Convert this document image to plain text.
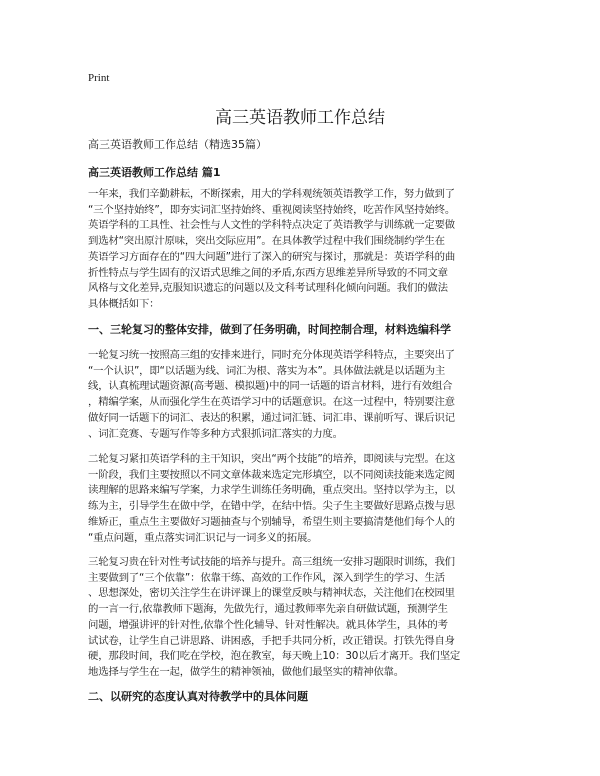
Print
高三英语教师工作总结
高三英语教师工作总结（精选35篇）
高三英语教师工作总结 篇1
一年来，我们辛勤耕耘，不断探索，用大的学科观统领英语教学工作，努力做到了
“三个坚持始终”，即夯实词汇坚持始终、重视阅读坚持始终，吃苦作风坚持始终。
英语学科的工具性、社会性与人文性的学科特点决定了英语教学与训练就一定要做
到选材“突出原汁原味，突出交际应用”。在具体教学过程中我们围绕制约学生在
英语学习方面存在的“四大问题”进行了深入的研究与探讨，那就是：英语学科的曲
折性特点与学生固有的汉语式思维之间的矛盾,东西方思维差异所导致的不同文章
风格与文化差异,克服知识遗忘的问题以及文科考试理科化倾向问题。我们的做法
具体概括如下：
一、三轮复习的整体安排，做到了任务明确，时间控制合理，材料选编科学
一轮复习统一按照高三组的安排来进行，同时充分体现英语学科特点，主要突出了
“一个认识”，即“以话题为线、词汇为根、落实为本”。具体做法就是以话题为主
线，认真梳理试题资源(高考题、模拟题)中的同一话题的语言材料，进行有效组合
，精编学案，从而强化学生在英语学习中的话题意识。在这一过程中，特别要注意
做好同一话题下的词汇、表达的积累，通过词汇链、词汇串、课前听写、课后识记
、词汇竞赛、专题写作等多种方式狠抓词汇落实的力度。
二轮复习紧扣英语学科的主干知识，突出“两个技能”的培养，即阅读与完型。在这
一阶段，我们主要按照以不同文章体裁来选定完形填空，以不同阅读技能来选定阅
读理解的思路来编写学案，力求学生训练任务明确，重点突出。坚持以学为主，以
练为主，引导学生在做中学，在错中学，在结中悟。尖子生主要做好思路点拨与思
维矫正，重点生主要做好习题抽查与个别辅导，希望生则主要搞清楚他们每个人的
“重点问题，重点落实词汇识记与一词多义的拓展。
三轮复习贵在针对性考试技能的培养与提升。高三组统一安排习题限时训练，我们
主要做到了“三个依靠”：依靠干练、高效的工作作风，深入到学生的学习、生活
、思想深处，密切关注学生在讲评课上的课堂反映与精神状态，关注他们在校园里
的一言一行,依靠教师下题海，先做先行，通过教师率先亲自研做试题，预测学生
问题，增强讲评的针对性,依靠个性化辅导、针对性解决。就具体学生，具体的考
试试卷，让学生自己讲思路、讲困惑，手把手共同分析，改正错误。打铁先得自身
硬，那段时间，我们吃在学校，泡在教室，每天晚上10：30以后才离开。我们坚定
地选择与学生在一起，做学生的精神领袖，做他们最坚实的精神依靠。
二、以研究的态度认真对待教学中的具体问题
